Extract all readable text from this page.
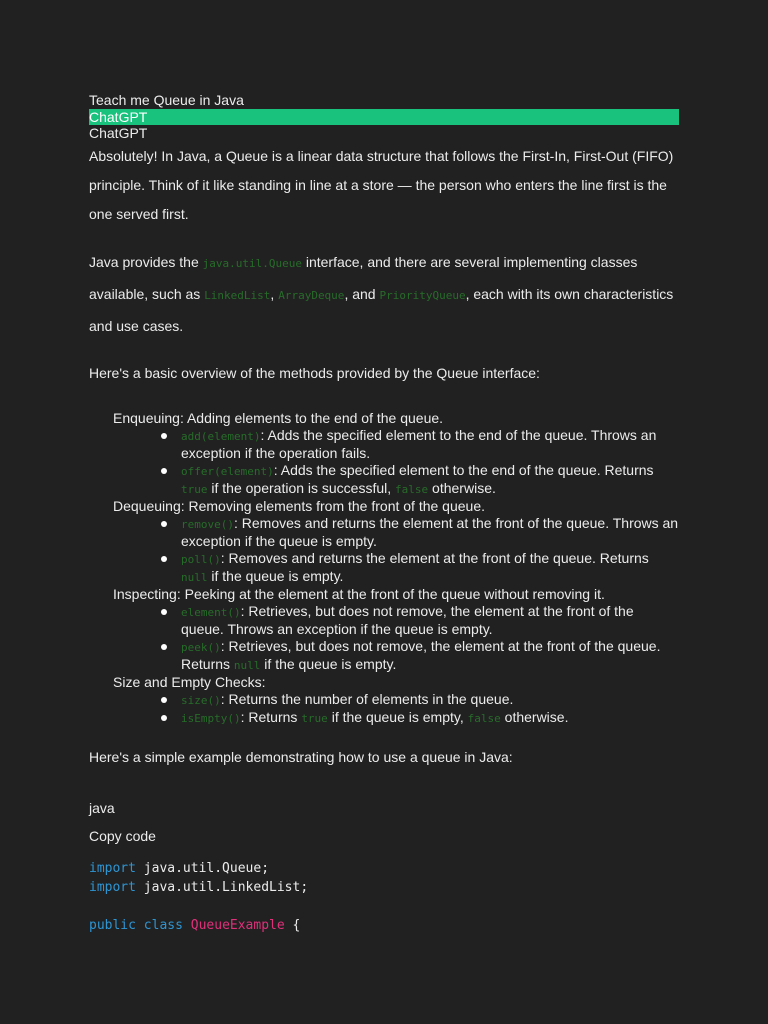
Teach me Queue in Java
ChatGPT
ChatGPT

Absolutely! In Java, a Queue is a linear data structure that follows the First-In, First-Out (FIFO) principle. Think of it like standing in line at a store — the person who enters the line first is the one served first.

Java provides the java.util.Queue interface, and there are several implementing classes available, such as LinkedList, ArrayDeque, and PriorityQueue, each with its own characteristics and use cases.

Here's a basic overview of the methods provided by the Queue interface:

Enqueuing: Adding elements to the end of the queue.
add(element): Adds the specified element to the end of the queue. Throws an exception if the operation fails.
offer(element): Adds the specified element to the end of the queue. Returns true if the operation is successful, false otherwise.
Dequeuing: Removing elements from the front of the queue.
remove(): Removes and returns the element at the front of the queue. Throws an exception if the queue is empty.
poll(): Removes and returns the element at the front of the queue. Returns null if the queue is empty.
Inspecting: Peeking at the element at the front of the queue without removing it.
element(): Retrieves, but does not remove, the element at the front of the queue. Throws an exception if the queue is empty.
peek(): Retrieves, but does not remove, the element at the front of the queue. Returns null if the queue is empty.
Size and Empty Checks:
size(): Returns the number of elements in the queue.
isEmpty(): Returns true if the queue is empty, false otherwise.
Here's a simple example demonstrating how to use a queue in Java:
java
Copy code
import java.util.Queue;
import java.util.LinkedList;
public class QueueExample {
